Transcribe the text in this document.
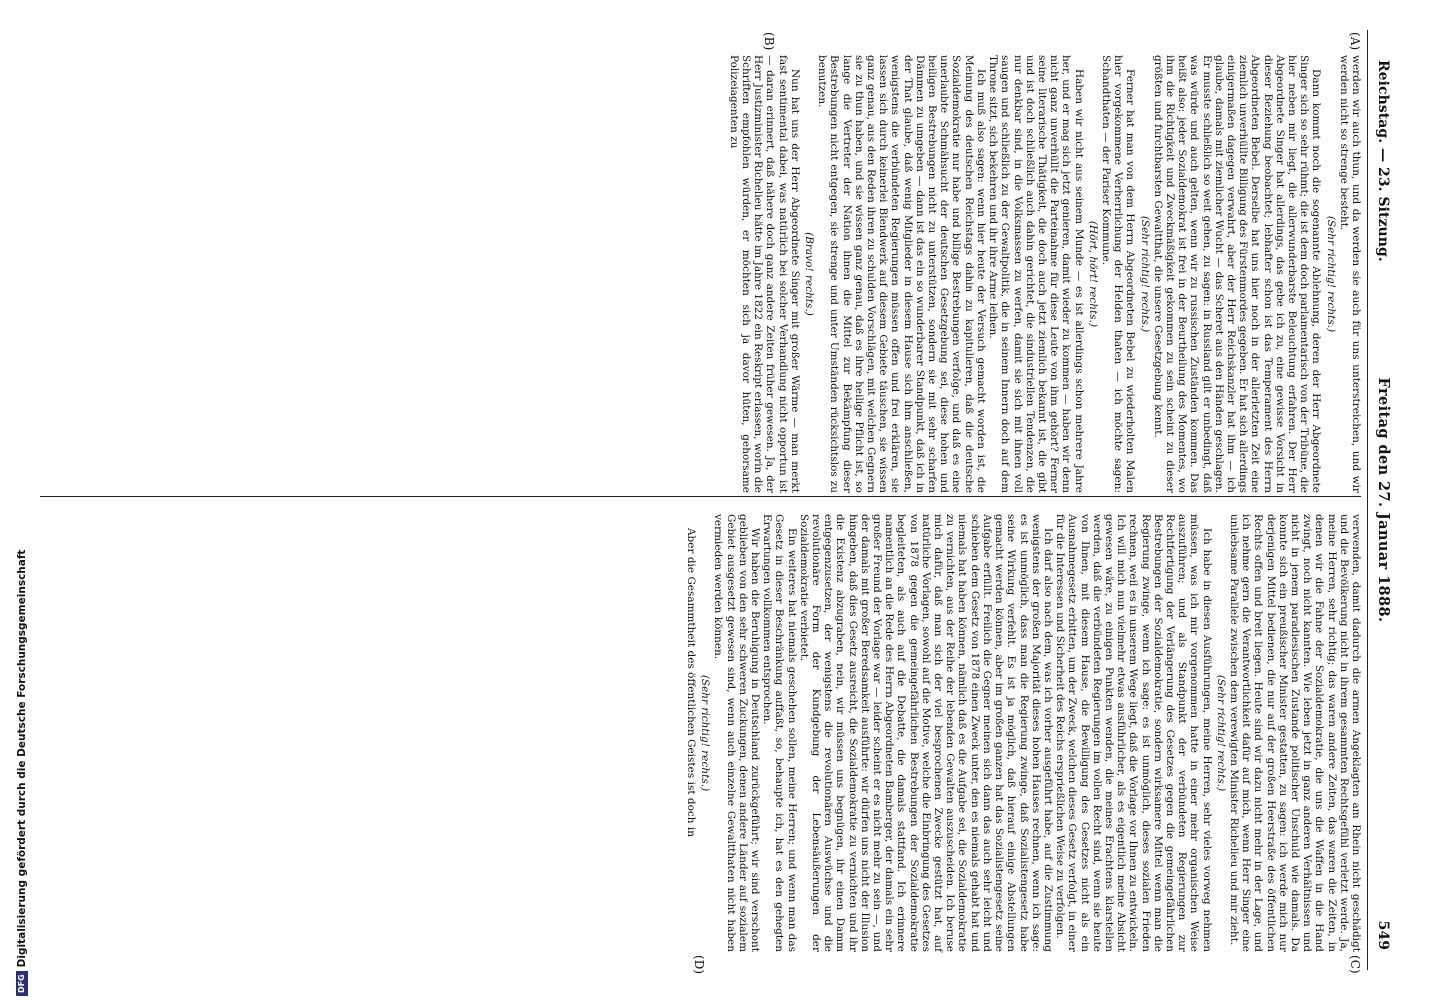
Reichstag. — 23. Sitzung.
Freitag den 27. Januar 1888.
549
(A)
(B)
(C)
(D)

werden wir auch thun, und da werden sie auch für uns unterstreichen, und wir werden nicht so strenge besteht.

(Sehr richtig! rechts.)

Dann kommt noch die sogenannte Ablehnung, deren der Herr Abgeordnete Singer sich so sehr rühmt; die ist dem doch parlamentarisch von der Tribüne, die hier neben mir liegt, die allerwunderbarste Beleuchtung erfahren. Der Herr Abgeordnete Singer hat allerdings, das gebe ich zu, eine gewisse Vorsicht in dieser Beziehung beobachtet; lebhafter schon ist das Temperament des Herrn Abgeordneten Bebel. Derselbe hat uns hier noch in der allerletzten Zeit eine ziemlich unverhüllte Billigung des Fürstenmordes gegeben. Er hat sich allerdings einigermaßen dagegen verwahrt, aber der Herr Reichskanzler hat ihm — ich glaube, damals mit ziemlicher Wucht — das Scheret aus den Händen geschlagen. Er musste schließlich so weit gehen, zu sagen: in Russland gilt er unbedingt, daß was würde und auch gelten, wenn wir zu russischen Zuständen kommen. Das heißt also: jeder Sozialdemokrat ist frei in der Beurtheilung des Momentes, wo ihm die Richtigkeit und Zweckmäßigkeit gekommen zu sein scheint zu dieser größten und furchtbarsten Gewaltthat, die unsere Gesetzgebung kennt.

(Sehr richtig! rechts.)

Ferner hat man von dem Herrn Abgeordneten Bebel zu wiederholten Malen hier vorgekommene Verherrlichung der Helden thaten — ich möchte sagen: Schandthaten — der Pariser Kommune.

(Hört, hört! rechts.)

Haben wir nicht aus seinem Munde — es ist allerdings schon mehrere Jahre her, und er mag sich jetzt genieren, damit wieder zu kommen — haben wir denn nicht ganz unverhüllt die Parteinahme für diese Leute von ihm gehört? Ferner seine literarische Thätigkeit, die doch auch jetzt ziemlich bekannt ist, die gibt und ist doch schließlich auch dahin gerichtet, die sindustriellen Tendenzen, die nur denkbar sind, in die Volksmassen zu werfen, damit sie sich mit ihnen voll saugen und schließlich zu der Gewaltpolitik, die in seinem Innern doch auf dem Throne sitzt, sich bekehren und ihr ihre Arme leihen.

Ich muß also sagen: wenn hier heute der Versuch gemacht worden ist, die Meinung des deutschen Reichstags dahin zu kapitulieren, daß die deutsche Sozialdemokratie nur habe und billige Bestrebungen verfolge, und daß es eine unerlaubte Schmähsucht der deutschen Gesetzgebung sei, diese hohen und heiligen Bestrebungen nicht zu unterstützen, sondern sie mit sehr scharfen Dämmen zu umgeben — dann ist das ein so wunderbarer Standpunkt, daß ich in der That glaube, daß wenig Mitglieder in diesem Hause sich ihm anschließen, wenigstens die verbündeten Regierungen müssen offen und frei erklären, sie lassen sich durch keinerlei Blendwerk auf diesem Gebiete täuschen, sie wissen ganz genau, aus den Reden ihren zu schulden Vorschlägen, mit welchen Gegnern sie zu thun haben, und sie wissen ganz genau, daß es ihre heilige Pflicht ist, so lange die Vertreter der Nation ihnen die Mittel zur Bekämpfung dieser Bestrebungen nicht entgegen, sie strenge und unter Umständen rücksichtslos zu benutzen.

(Bravo! rechts.)

Nun hat uns der Herr Abgeordnete Singer mit großer Wärme — man merkt fast sentimental dabei, was natürlich bei solcher Verhandlung nicht opportun ist — daran erinnert, daß nähere doch ganz andere Zeiten früher gewesen. Ja, der Herr Justizminister Richelieu hätte im Jahre 1822 ein Reskript erlassen, worin die Schriften empfohlen würden, er möchten sich ja davor hüten, gehorsame Polizeiagenten zu

verwenden, damit dadurch die armen Angeklagten am Rhein nicht geschädigt und die Bevölkerung nicht in ihrem gesammten Rechtsgefühl verletzt werde. Ja, meine Herren, sehr richtig; das waren andere Zeiten, das waren die Zeiten, in denen wir die Fahne der Sozialdemokratie, die uns die Waffen in die Hand zwingt, noch nicht kannten. Wie leben jetzt in ganz anderen Verhältnissen und nicht in jenem paradiesischen Zustande politischer Unschuld wie damals. Da konnte sich ein preußischer Minister gestatten, zu sagen: ich werde mich nur derjenigen Mittel bedienen, die nur auf der großen Heerstraße des öffentlichen Rechts offen und breit liegen. Heute sind wir dazu nicht mehr in der Lage, und ich nehme gern die Verantwortlichkeit dafür auf mich, wenn Herr Singer eine unliebsame Parallele zwischen dem verewigten Minister Richelieu und mir zieht.

(Sehr richtig! rechts.)

Ich habe in diesen Ausführungen, meine Herren, sehr vieles vorweg nehmen müssen, was ich mir vorgenommen hatte in einer mehr organischen Weise auszuführen; und als Standpunkt der verbündeten Regierungen zur Rechtfertigung der Verlängerung des Gesetzes gegen die gemeingefährlichen Bestrebungen der Sozialdemokratie, sondern wirksamere Mittel wenn man die Regierung zwinge, wenn ich sage: es ist unmöglich, dieses sozialen Frieden rechnen, weil es in unserem Wege liegt, daß die Vorlage vor Ihnen zu entwickeln. Ich will mich nun vielmehr etwas ausführlicher, als es eigentlich meine Absicht gewesen wäre, zu einigen Punkten wenden, die meines Erachtens klarstellen werden, daß die verbündeten Regierungen im vollen Recht sind, wenn sie heute von Ihnen, mit diesem Hause, die Bewilligung des Gesetzes nicht als ein Ausnahmegesetz erbitten, um der Zweck, welchen dieses Gesetz verfolgt, in einer für die Interessen und Sicherheit des Reichs ersprießlichen Weise zu verfolgen.

Ich darf also nach dem, was ich vorher ausgeführt habe, auf die Zustimmung wenigstens der großen Majorität dieses hohen Hauses rechnen, wenn ich sage: es ist unmöglich, dass man die Regierung zwinge, daß Sozialistengesetz habe seine Wirkung verfehlt. Es ist ja möglich, daß hierauf einige Abstellungen gemacht werden können, aber im großen ganzen hat das Sozialistengesetz seine Aufgabe erfüllt. Freilich die Gegner meinen sich dann das auch sehr leicht und schieben dem Gesetz von 1878 einen Zweck unter, den es niemals gehabt hat und niemals hat haben können, nämlich daß es die Aufgabe sei, die Sozialdemokratie zu vernichten, aus der Reihe der lebenden Gewalten auszuscheiden. Ich beruse mich dafür, daß man sich der viel besprochenen Zwecke gestützt hat, auf natürliche Vorlagen, sowohl auf die Motive, welche die Einbringung des Gesetzes von 1878 gegen die gemeingefährlichen Bestrebungen der Sozialdemokratie begleiteten, als auch auf die Debatte, die damals stattfand. Ich erinnere namentlich an die Rede des Herrn Abgeordneten Bamberger, der damals ein sehr großer Freund der Vorlage war — leider scheint er es nicht mehr zu sein —, und der damals mit großer Beredsamkeit ausführte: wir dürfen uns nicht der Illusion hingeben, daß dies Gesetz ausreicht, die Sozialdemokratie zu vernichten und ihr die Existenz abzugraben, nein, wir müssen uns begnügen, ihr einen Damm entgegenzusetzen, der wenigstens die revolutionären Auswüchse und die revolutionäre Form der Kundgebung der Lebensäußerungen der Sozialdemokratie verbietet.

Ein weiteres hat niemals geschehen sollen, meine Herren; und wenn man das Gesetz in dieser Beschränkung auffaßt, so, behaupte ich, hat es den gehegten Erwartungen vollkommen entsprochen.

Wir haben die Beruhigung in Deutschland zurückgeführt; wir sind verschont geblieben von den sehr schweren Zuckungen, denen andere Länder auf sozialem Gebiet ausgesetzt gewesen sind, wenn auch einzelne Gewaltthaten nicht haben vermieden werden können.

(Sehr richtig! rechts.)

Aber die Gesammtheit des öffentlichen Geistes ist doch in

DFGDigitalisierung gefördert durch die Deutsche Forschungsgemeinschaft
